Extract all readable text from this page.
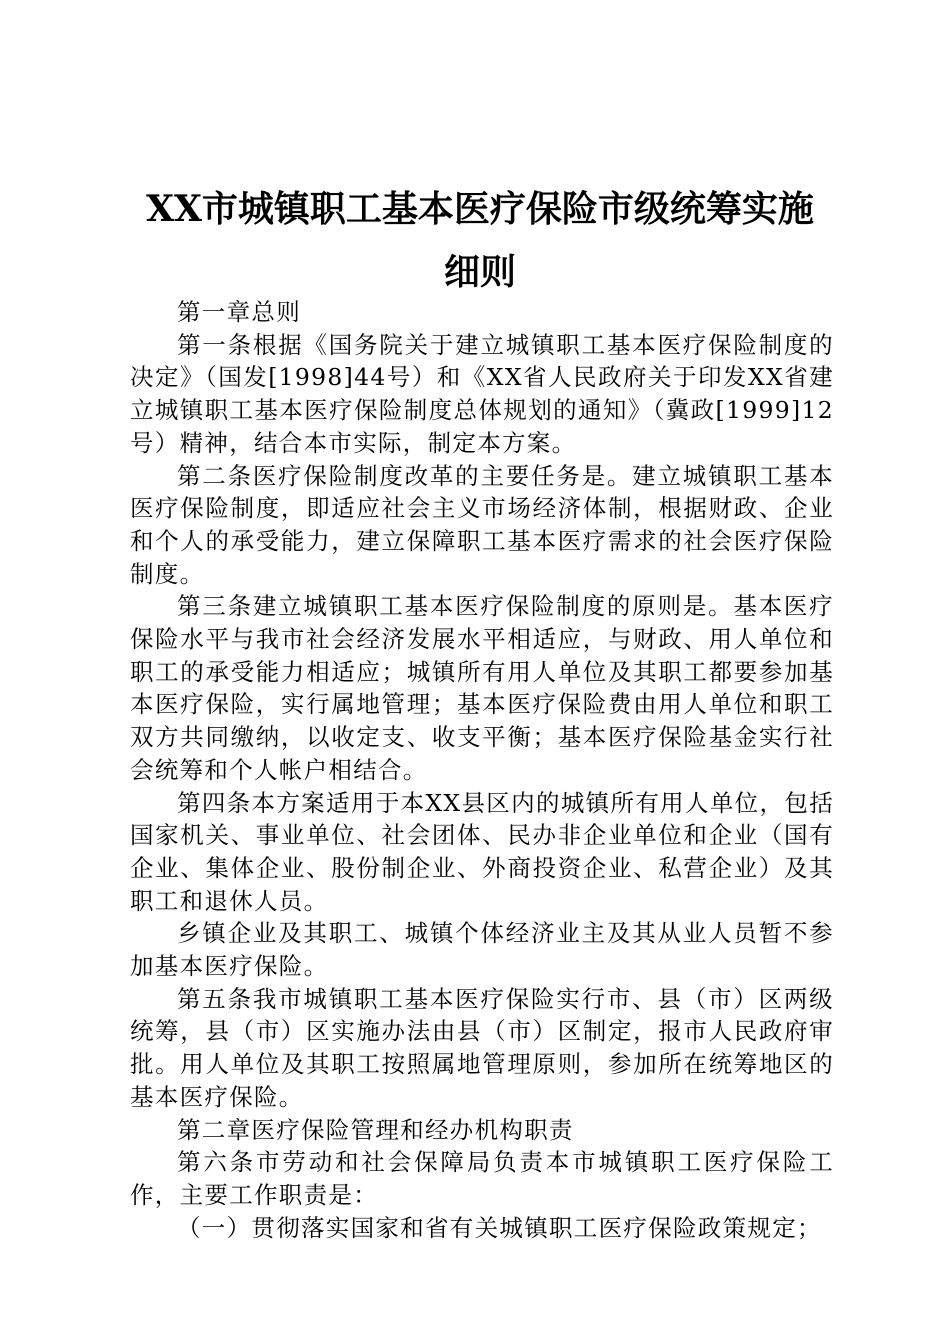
XX市城镇职工基本医疗保险市级统筹实施细则

第一章总则

第一条根据《国务院关于建立城镇职工基本医疗保险制度的决定》（国发[1998]44号）和《XX省人民政府关于印发XX省建立城镇职工基本医疗保险制度总体规划的通知》（冀政[1999]12号）精神，结合本市实际，制定本方案。

第二条医疗保险制度改革的主要任务是。建立城镇职工基本医疗保险制度，即适应社会主义市场经济体制，根据财政、企业和个人的承受能力，建立保障职工基本医疗需求的社会医疗保险制度。

第三条建立城镇职工基本医疗保险制度的原则是。基本医疗保险水平与我市社会经济发展水平相适应，与财政、用人单位和职工的承受能力相适应；城镇所有用人单位及其职工都要参加基本医疗保险，实行属地管理；基本医疗保险费由用人单位和职工双方共同缴纳，以收定支、收支平衡；基本医疗保险基金实行社会统筹和个人帐户相结合。

第四条本方案适用于本XX县区内的城镇所有用人单位，包括国家机关、事业单位、社会团体、民办非企业单位和企业（国有企业、集体企业、股份制企业、外商投资企业、私营企业）及其职工和退休人员。

乡镇企业及其职工、城镇个体经济业主及其从业人员暂不参加基本医疗保险。

第五条我市城镇职工基本医疗保险实行市、县（市）区两级统筹，县（市）区实施办法由县（市）区制定，报市人民政府审批。用人单位及其职工按照属地管理原则，参加所在统筹地区的基本医疗保险。

第二章医疗保险管理和经办机构职责

第六条市劳动和社会保障局负责本市城镇职工医疗保险工作，主要工作职责是：

（一）贯彻落实国家和省有关城镇职工医疗保险政策规定；
